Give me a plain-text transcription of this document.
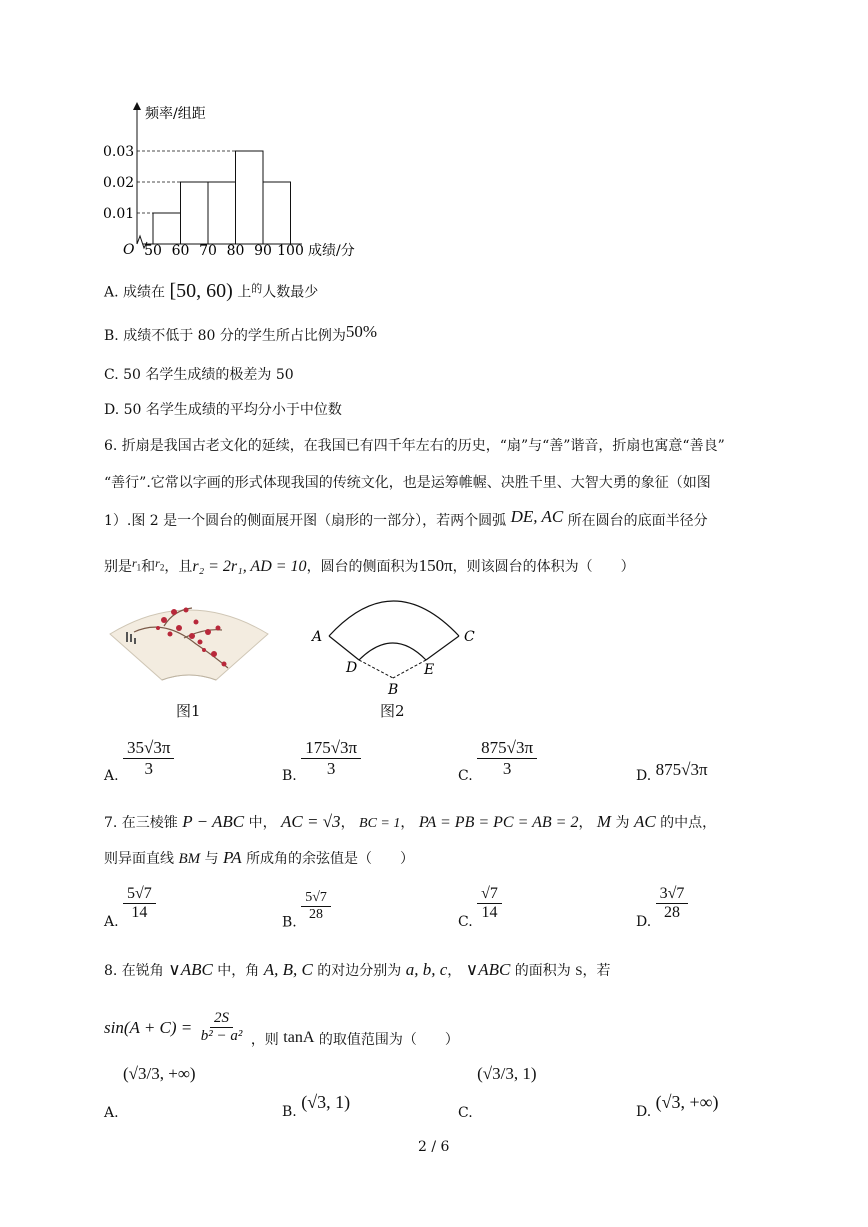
频率/组距
O	成绩/分
0.03
0.02
0.01
50 60 70 80 90 100
A. 成绩在 [50, 60) 上$^的$人数最少
B. 成绩不低于 80 分的学生所占比例为50%
C. 50 名学生成绩的极差为 50
D. 50 名学生成绩的平均分小于中位数
6. 折扇是我国古老文化的延续，在我国已有四千年左右的历史，“扇”与“善”谐音，折扇也寓意“善良”
“善行”.它常以字画的形式体现我国的传统文化，也是运筹帷幄、决胜千里、大智大勇的象征（如图
1）.图 2 是一个圆台的侧面展开图（扇形的一部分），若两个圆弧 DE, AC 所在圆台的底面半径分
别是$r_1$和$r_2$，且r₂ = 2r₁, AD = 10，圆台的侧面积为150π，则该圆台的体积为（　　）
A	C
D	E
B
图1	图2
A. $\frac{35√3\pi}{3}$	B. $\frac{175√3\pi}{3}$	C. $\frac{875√3\pi}{3}$	D. 875√3π
7. 在三棱锥 P − ABC 中， AC = √3， BC = 1， PA = PB = PC = AB = 2， M 为 AC 的中点，
则异面直线 BM 与 PA 所成角的余弦值是（　　）
A. $\frac{5√7}{14}$	B. $\frac{5√7}{28}$	C. $\frac{√7}{14}$	D. $\frac{3√7}{28}$
8. 在锐角 ∨ABC 中，角 A, B, C 的对边分别为 a, b, c， ∨ABC 的面积为 S，若
$\sin(A + C) = \frac{2S}{\text{b² − a²}}$ ，则 tanA 的取值范围为（　　）
A. (√3/3, +∞)
B. (√3, 1)
C. (√3/3, 1)
D. (√3, +∞)
2 / 6
